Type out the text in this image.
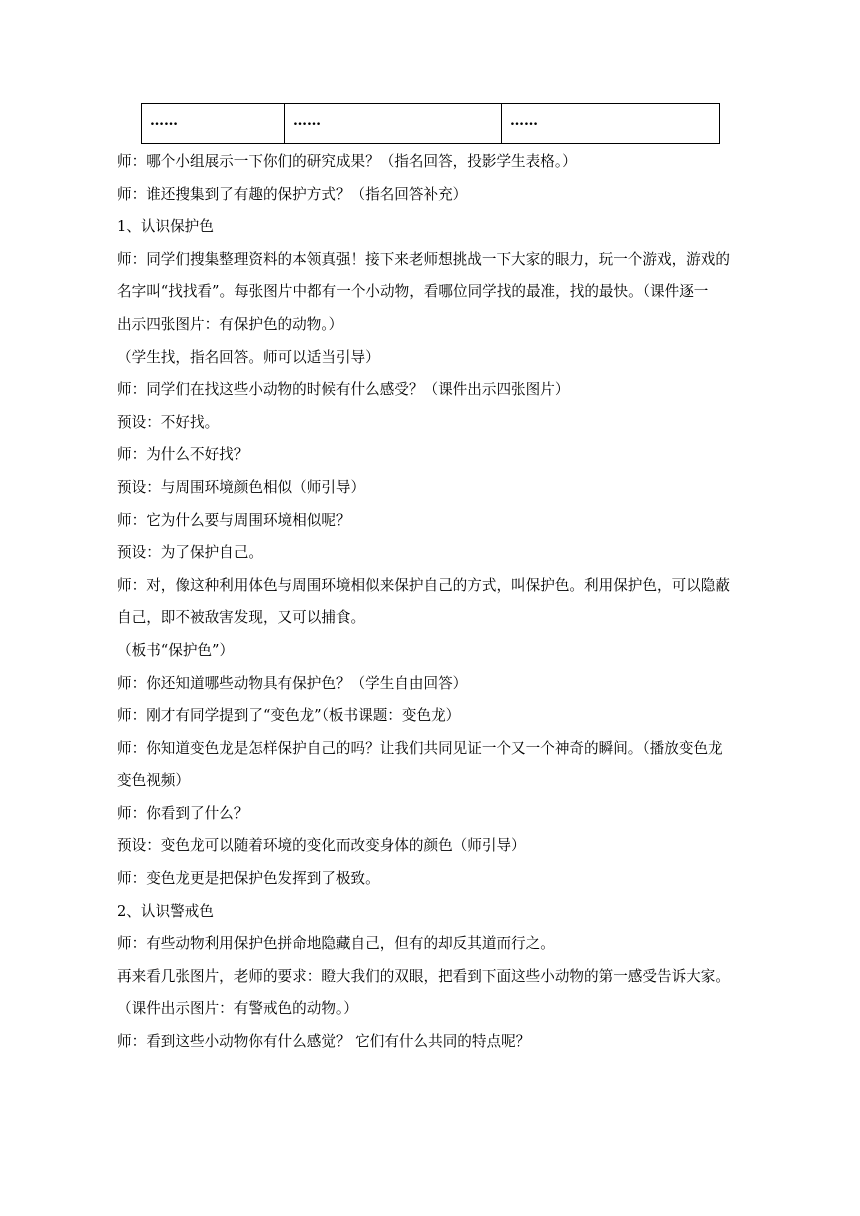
……	……	……
师：哪个小组展示一下你们的研究成果？（指名回答，投影学生表格。）
师：谁还搜集到了有趣的保护方式？（指名回答补充）
1、认识保护色
师：同学们搜集整理资料的本领真强！接下来老师想挑战一下大家的眼力，玩一个游戏，游戏的
名字叫“找找看”。每张图片中都有一个小动物，看哪位同学找的最准，找的最快。（课件逐一
出示四张图片：有保护色的动物。）
（学生找，指名回答。师可以适当引导）
师：同学们在找这些小动物的时候有什么感受？（课件出示四张图片）
预设：不好找。
师：为什么不好找？
预设：与周围环境颜色相似（师引导）
师：它为什么要与周围环境相似呢？
预设：为了保护自己。
师：对，像这种利用体色与周围环境相似来保护自己的方式，叫保护色。利用保护色，可以隐蔽
自己，即不被敌害发现，又可以捕食。
（板书“保护色”）
师：你还知道哪些动物具有保护色？（学生自由回答）
师：刚才有同学提到了“变色龙”（板书课题：变色龙）
师：你知道变色龙是怎样保护自己的吗？让我们共同见证一个又一个神奇的瞬间。（播放变色龙
变色视频）
师：你看到了什么？
预设：变色龙可以随着环境的变化而改变身体的颜色（师引导）
师：变色龙更是把保护色发挥到了极致。
2、认识警戒色
师：有些动物利用保护色拼命地隐藏自己，但有的却反其道而行之。
再来看几张图片，老师的要求：瞪大我们的双眼，把看到下面这些小动物的第一感受告诉大家。
（课件出示图片：有警戒色的动物。）
师：看到这些小动物你有什么感觉？ 它们有什么共同的特点呢？
